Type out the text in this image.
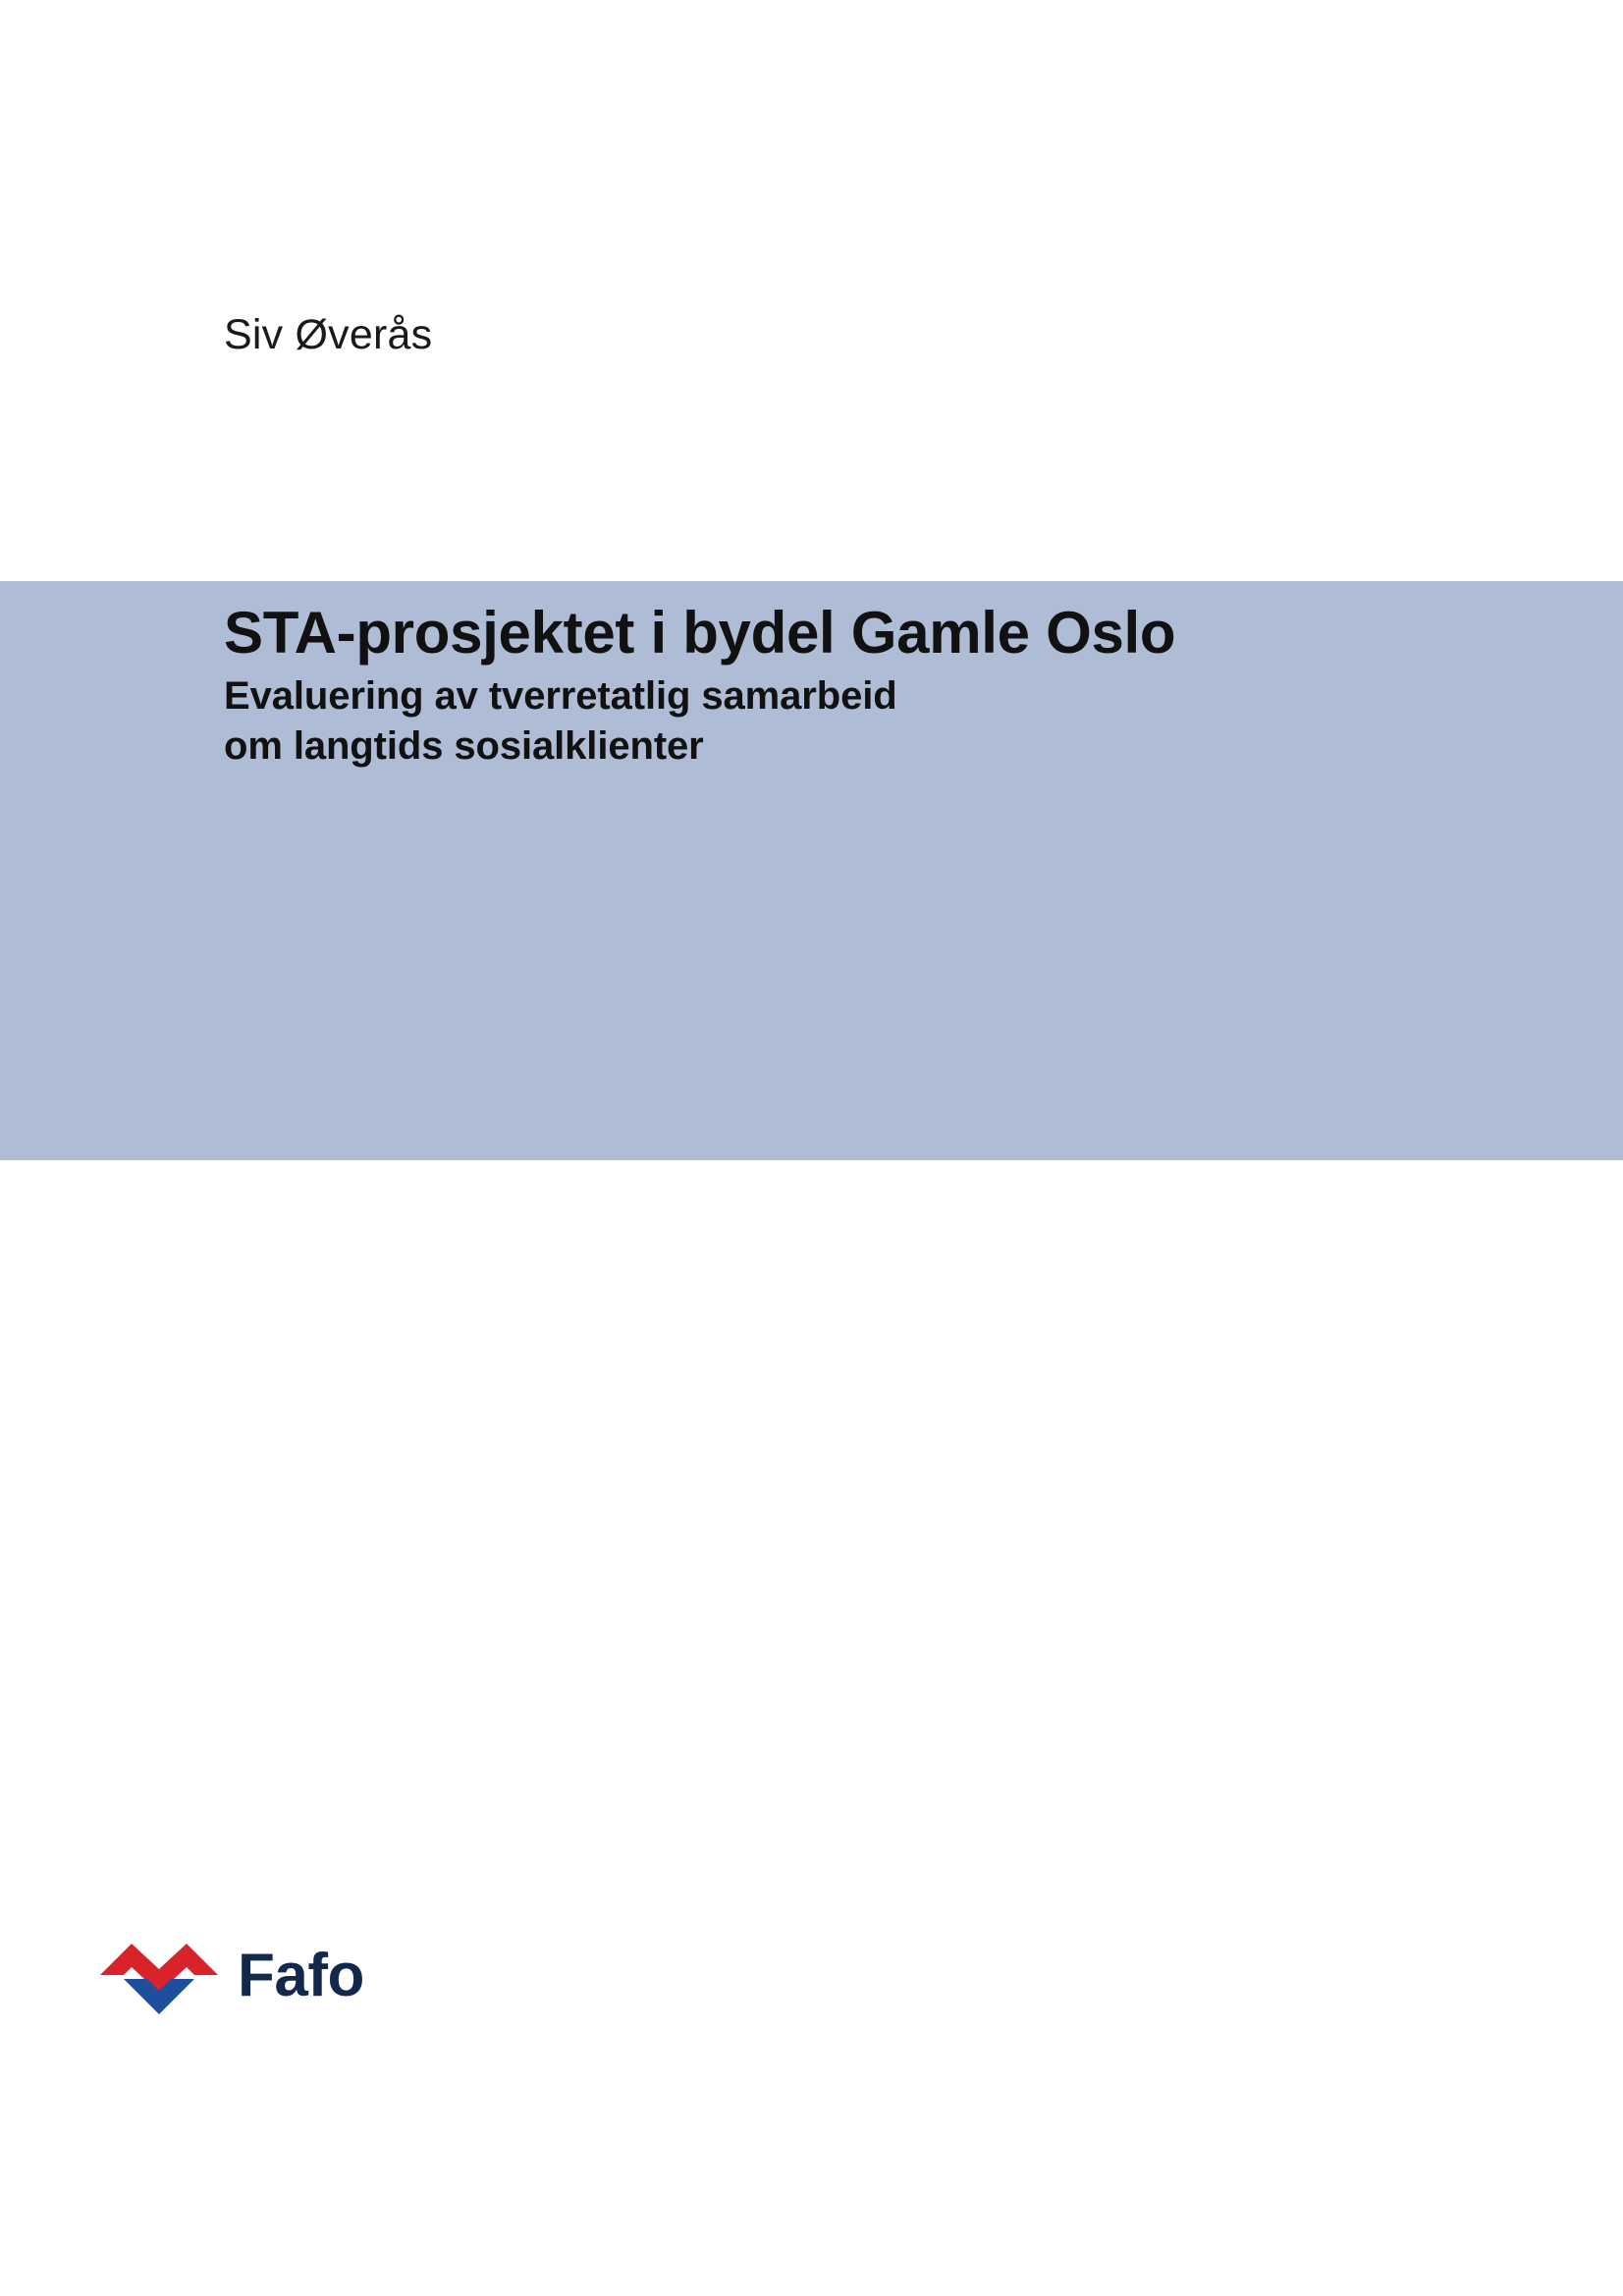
Siv Øverås
STA-prosjektet i bydel Gamle Oslo

Evaluering av tverretatlig samarbeid

om langtids sosialklienter

Fafo
